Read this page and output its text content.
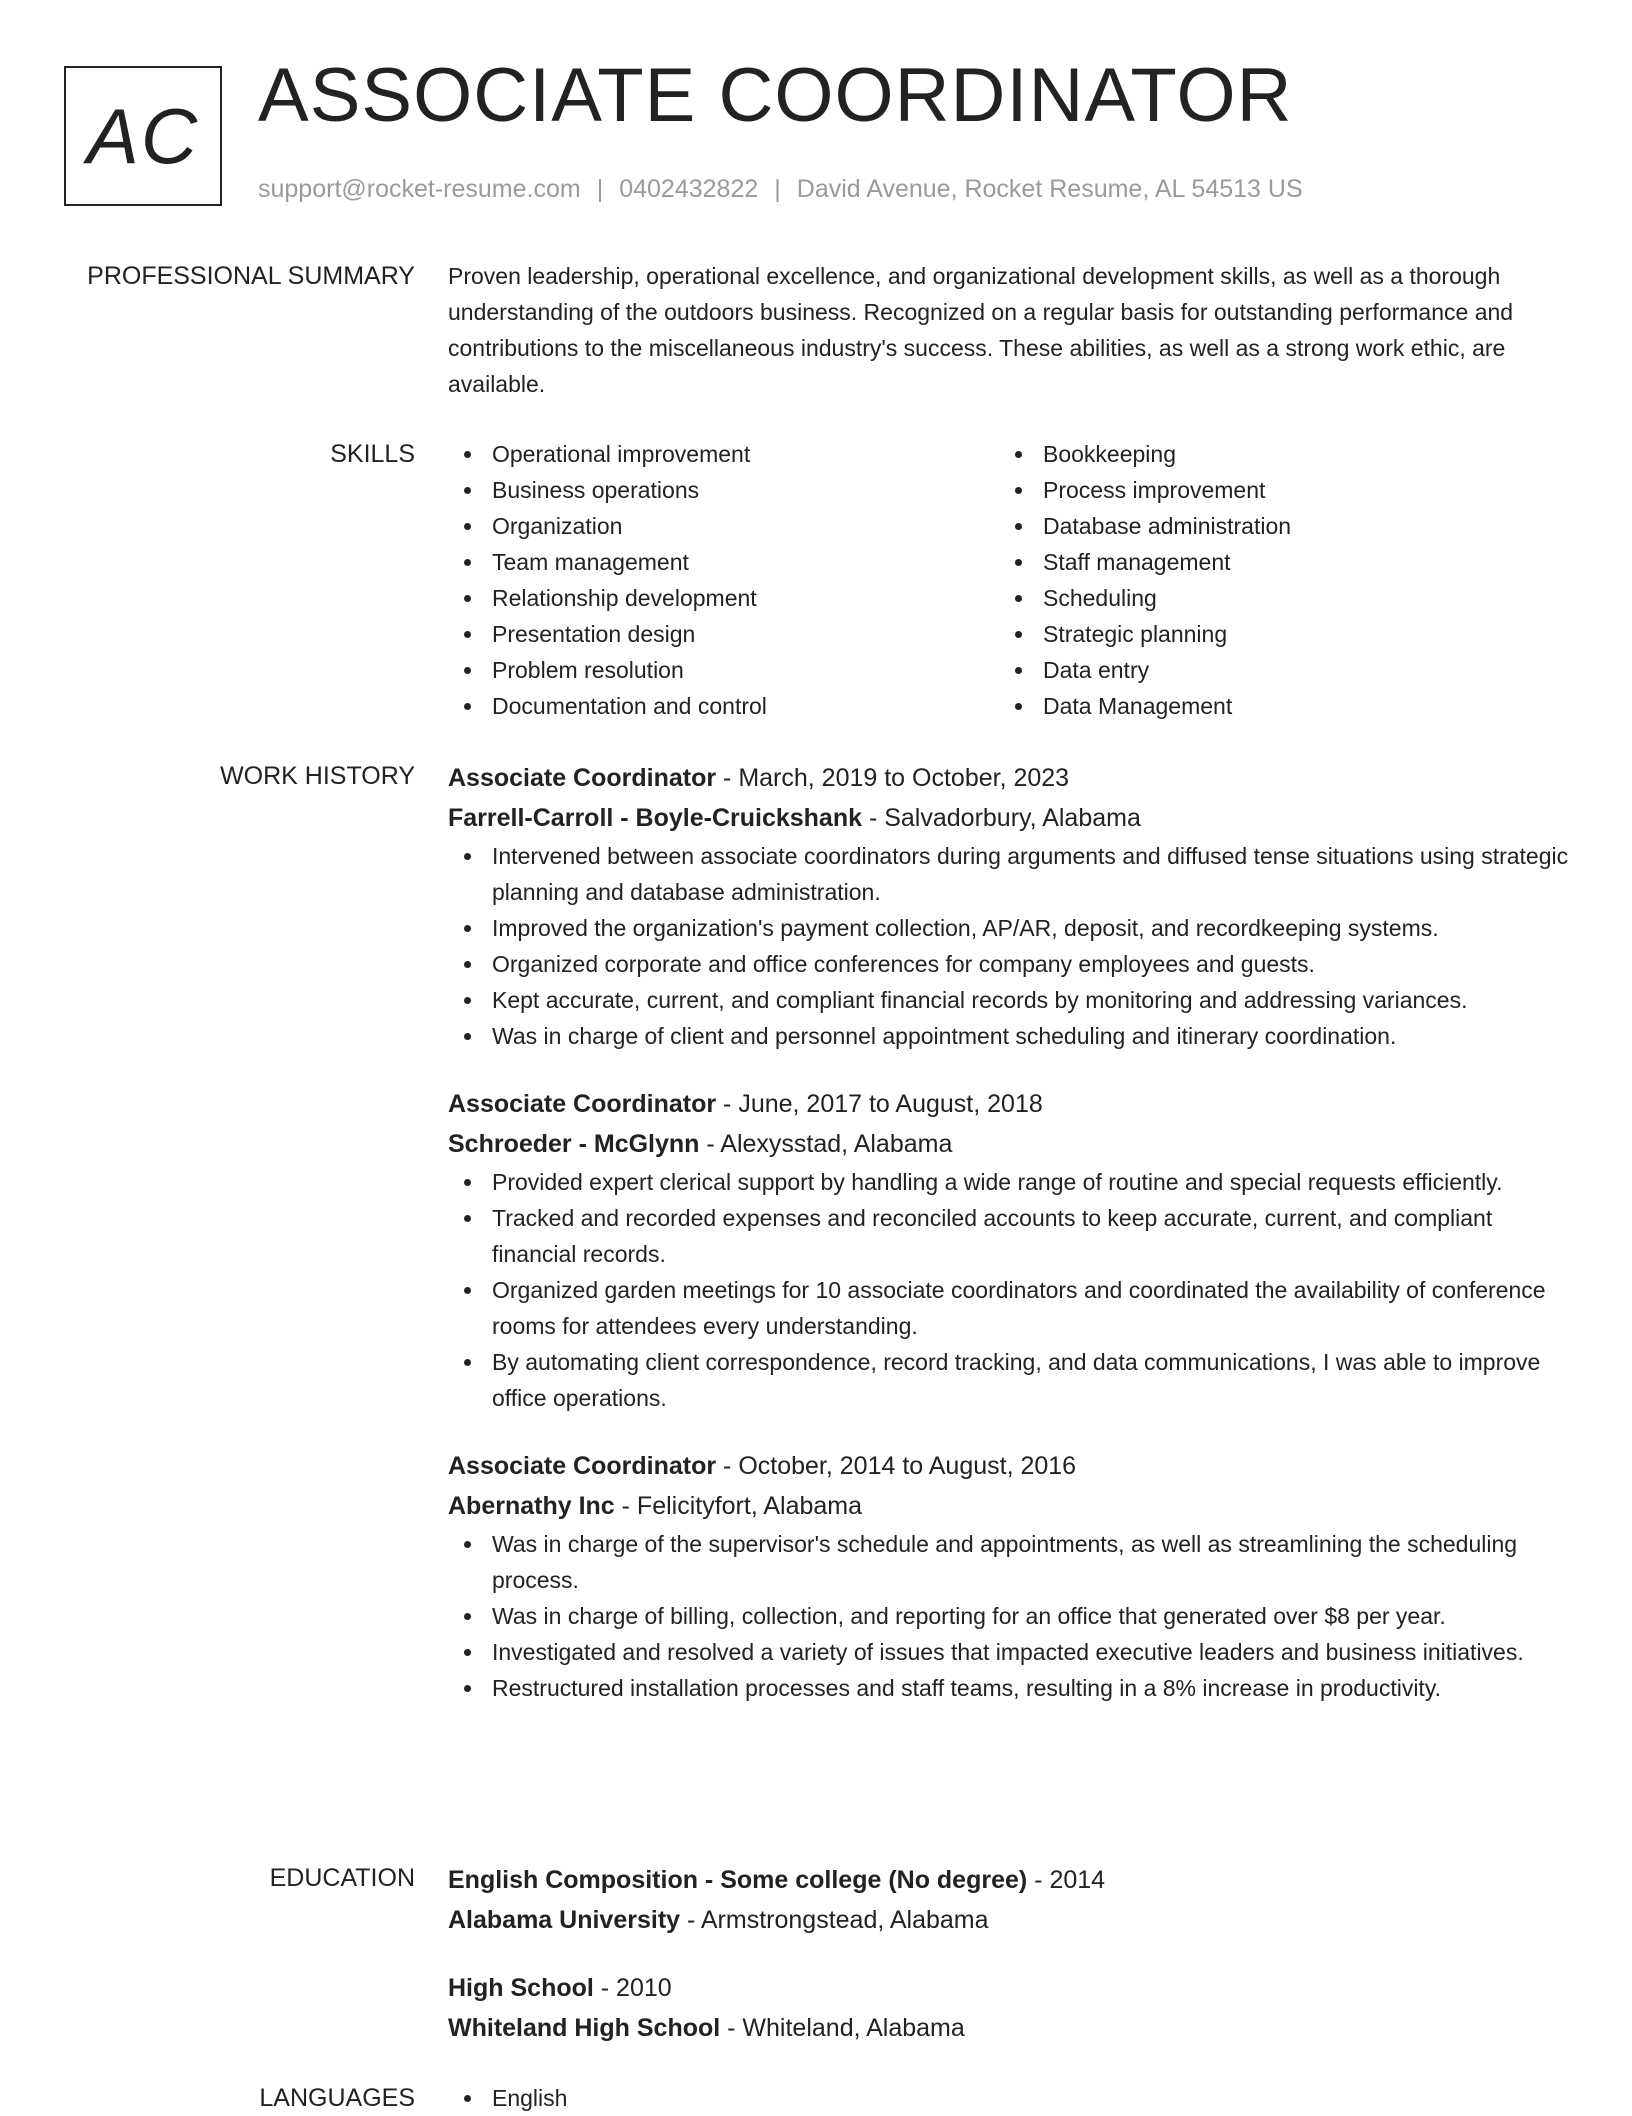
AC ASSOCIATE COORDINATOR
support@rocket-resume.com | 0402432822 | David Avenue, Rocket Resume, AL 54513 US
PROFESSIONAL SUMMARY Proven leadership, operational excellence, and organizational development skills, as well as a thorough understanding of the outdoors business. Recognized on a regular basis for outstanding performance and contributions to the miscellaneous industry's success. These abilities, as well as a strong work ethic, are available.

SKILLS	Operational improvement
Business operations
Organization
Team management
Relationship development
Presentation design
Problem resolution
Documentation and control
Bookkeeping
Process improvement
Database administration
Staff management
Scheduling
Strategic planning
Data entry
Data Management
WORK HISTORY Associate Coordinator - March, 2019 to October, 2023
Farrell-Carroll - Boyle-Cruickshank - Salvadorbury, Alabama
Intervened between associate coordinators during arguments and diffused tense situations using strategic planning and database administration.
Improved the organization's payment collection, AP/AR, deposit, and recordkeeping systems.
Organized corporate and office conferences for company employees and guests.
Kept accurate, current, and compliant financial records by monitoring and addressing variances.
Was in charge of client and personnel appointment scheduling and itinerary coordination.
Associate Coordinator - June, 2017 to August, 2018
Schroeder - McGlynn - Alexysstad, Alabama
Provided expert clerical support by handling a wide range of routine and special requests efficiently.
Tracked and recorded expenses and reconciled accounts to keep accurate, current, and compliant financial records.
Organized garden meetings for 10 associate coordinators and coordinated the availability of conference rooms for attendees every understanding.
By automating client correspondence, record tracking, and data communications, I was able to improve office operations.
Associate Coordinator - October, 2014 to August, 2016
Abernathy Inc - Felicityfort, Alabama
Was in charge of the supervisor's schedule and appointments, as well as streamlining the scheduling process.
Was in charge of billing, collection, and reporting for an office that generated over $8 per year.
Investigated and resolved a variety of issues that impacted executive leaders and business initiatives.
Restructured installation processes and staff teams, resulting in a 8% increase in productivity.
EDUCATION English Composition - Some college (No degree) - 2014
Alabama University - Armstrongstead, Alabama
High School - 2010
Whiteland High School - Whiteland, Alabama
LANGUAGES	English
